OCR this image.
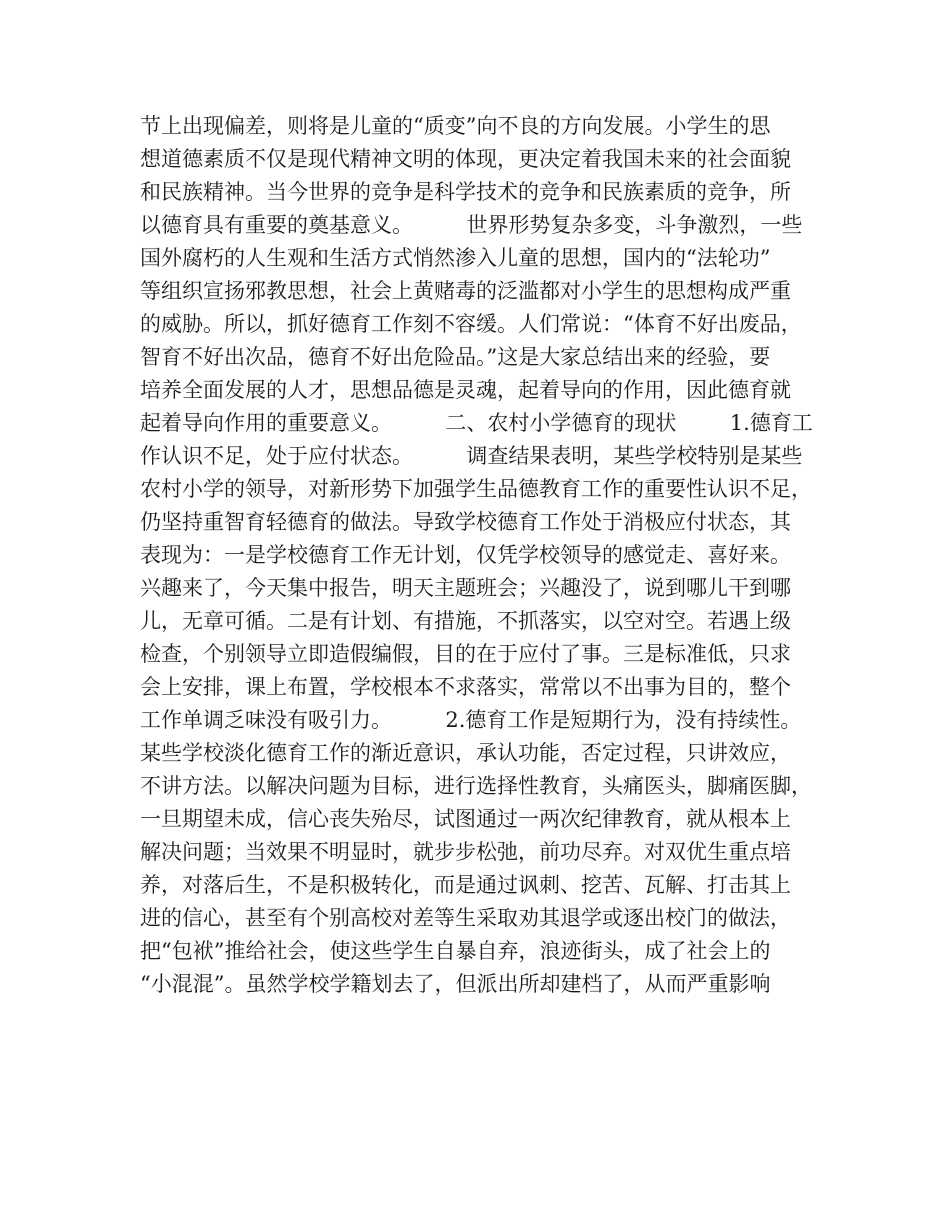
节上出现偏差，则将是儿童的“质变”向不良的方向发展。小学生的思
想道德素质不仅是现代精神文明的体现，更决定着我国未来的社会面貌
和民族精神。当今世界的竞争是科学技术的竞争和民族素质的竞争，所
以德育具有重要的奠基意义。        世界形势复杂多变，斗争激烈，一些
国外腐朽的人生观和生活方式悄然渗入儿童的思想，国内的“法轮功”
等组织宣扬邪教思想，社会上黄赌毒的泛滥都对小学生的思想构成严重
的威胁。所以，抓好德育工作刻不容缓。人们常说：“体育不好出废品，
智育不好出次品，德育不好出危险品。”这是大家总结出来的经验，要
培养全面发展的人才，思想品德是灵魂，起着导向的作用，因此德育就
起着导向作用的重要意义。        二、农村小学德育的现状        1.德育工
作认识不足，处于应付状态。        调查结果表明，某些学校特别是某些
农村小学的领导，对新形势下加强学生品德教育工作的重要性认识不足，
仍坚持重智育轻德育的做法。导致学校德育工作处于消极应付状态，其
表现为：一是学校德育工作无计划，仅凭学校领导的感觉走、喜好来。
兴趣来了，今天集中报告，明天主题班会；兴趣没了，说到哪儿干到哪
儿，无章可循。二是有计划、有措施，不抓落实，以空对空。若遇上级
检查，个别领导立即造假编假，目的在于应付了事。三是标准低，只求
会上安排，课上布置，学校根本不求落实，常常以不出事为目的，整个
工作单调乏味没有吸引力。        2.德育工作是短期行为，没有持续性。
某些学校淡化德育工作的渐近意识，承认功能，否定过程，只讲效应，
不讲方法。以解决问题为目标，进行选择性教育，头痛医头，脚痛医脚，
一旦期望未成，信心丧失殆尽，试图通过一两次纪律教育，就从根本上
解决问题；当效果不明显时，就步步松弛，前功尽弃。对双优生重点培
养，对落后生，不是积极转化，而是通过讽刺、挖苦、瓦解、打击其上
进的信心，甚至有个别高校对差等生采取劝其退学或逐出校门的做法，
把“包袱”推给社会，使这些学生自暴自弃，浪迹街头，成了社会上的
“小混混”。虽然学校学籍划去了，但派出所却建档了，从而严重影响
